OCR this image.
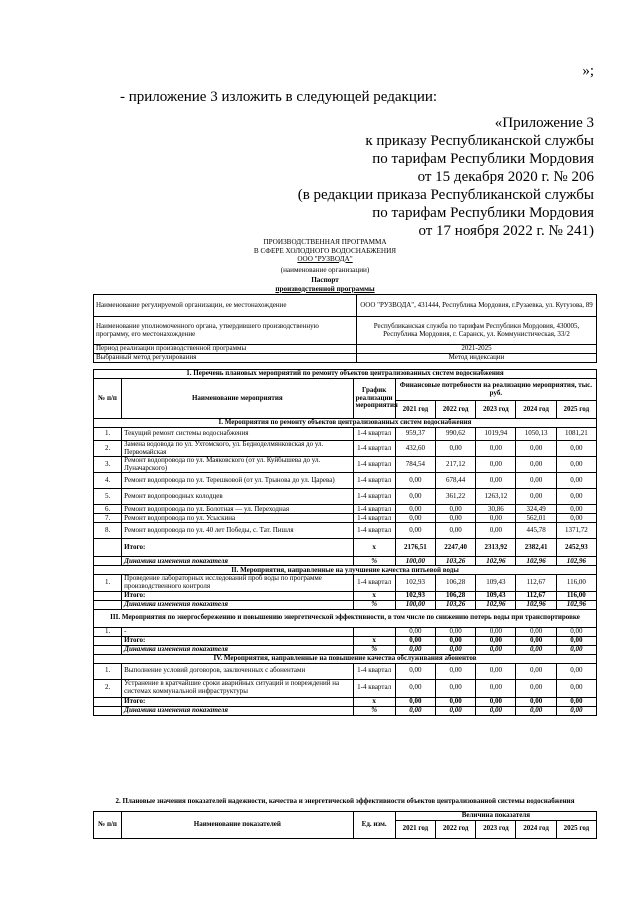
»;
- приложение 3 изложить в следующей редакции:
«Приложение 3
к приказу Республиканской службы
по тарифам Республики Мордовия
от 15 декабря 2020 г. № 206
(в редакции приказа Республиканской службы
по тарифам Республики Мордовия
от 17 ноября 2022 г. № 241)
ПРОИЗВОДСТВЕННАЯ ПРОГРАММА
В СФЕРЕ ХОЛОДНОГО ВОДОСНАБЖЕНИЯ
ООО "РУЗВОДА"
(наименование организации)
Паспорт
производственной программы
Наименование регулируемой организации, ее местонахождение	ООО "РУЗВОДА", 431444, Республика Мордовия, г.Рузаевка, ул. Кутузова, 89
Наименование уполномоченного органа, утвердившего производственную программу, его местонахождение	Республиканская служба по тарифам Республики Мордовия, 430005, Республика Мордовия, г. Саранск, ул. Коммунистическая, 33/2
Период реализации производственной программы	2021-2025
Выбранный метод регулирования	Метод индексации
1. Перечень плановых мероприятий по ремонту объектов централизованных систем водоснабжения							
№ п/п	Наименование мероприятия	График реализации мероприятия	Финансовые потребности на реализацию мероприятия, тыс. руб.				
			2021 год	2022 год	2023 год	2024 год	2025 год
I. Мероприятия по ремонту объектов централизованных систем водоснабжения							
1.	Текущий ремонт системы водоснабжения	1-4 квартал	959,37	990,62	1019,94	1050,13	1081,21
2.	Замена водовода по ул. Ухтомского, ул. Бедноделмянковская до ул. Первомайская	1-4 квартал	432,60	0,00	0,00	0,00	0,00
3.	Ремонт водопровода по ул. Маяковского (от ул. Куйбышева до ул. Луначарского)	1-4 квартал	784,54	217,12	0,00	0,00	0,00
4.	Ремонт водопровода по ул. Терешковой (от ул. Трынова до ул. Царева)	1-4 квартал	0,00	678,44	0,00	0,00	0,00
5.	Ремонт водопроводных колодцев	1-4 квартал	0,00	361,22	1263,12	0,00	0,00
6.	Ремонт водопровода по ул. Болотная — ул. Переходная	1-4 квартал	0,00	0,00	30,86	324,49	0,00
7.	Ремонт водопровода по ул. Усыскина	1-4 квартал	0,00	0,00	0,00	562,01	0,00
8.	Ремонт водопровода по ул. 40 лет Победы, с. Тат. Пишля	1-4 квартал	0,00	0,00	0,00	445,78	1371,72
	Итого:	x	2176,51	2247,40	2313,92	2382,41	2452,93
	Динамика изменения показателя	%	100,00	103,26	102,96	102,96	102,96
II. Мероприятия, направленные на улучшение качества питьевой воды							
1.	Проведение лабораторных исследований проб воды по программе производственного контроля	1-4 квартал	102,93	106,28	109,43	112,67	116,00
	Итого:	x	102,93	106,28	109,43	112,67	116,00
	Динамика изменения показателя	%	100,00	103,26	102,96	102,96	102,96
III. Мероприятия по энергосбережению и повышению энергетической эффективности, в том числе по снижению потерь воды при транспортировке							
1.	-		0,00	0,00	0,00	0,00	0,00
	Итого:	x	0,00	0,00	0,00	0,00	0,00
	Динамика изменения показателя	%	0,00	0,00	0,00	0,00	0,00
IV. Мероприятия, направленные на повышение качества обслуживания абонентов							
1.	Выполнение условий договоров, заключенных с абонентами	1-4 квартал	0,00	0,00	0,00	0,00	0,00
2.	Устранение в кратчайшие сроки аварийных ситуаций и повреждений на системах коммунальной инфраструктуры	1-4 квартал	0,00	0,00	0,00	0,00	0,00
	Итого:	x	0,00	0,00	0,00	0,00	0,00
	Динамика изменения показателя	%	0,00	0,00	0,00	0,00	0,00
2. Плановые значения показателей надежности, качества и энергетической эффективности объектов централизованной системы водоснабжения							
№ п/п	Наименование показателей	Ед. изм.	Величина показателя				
			2021 год	2022 год	2023 год	2024 год	2025 год
